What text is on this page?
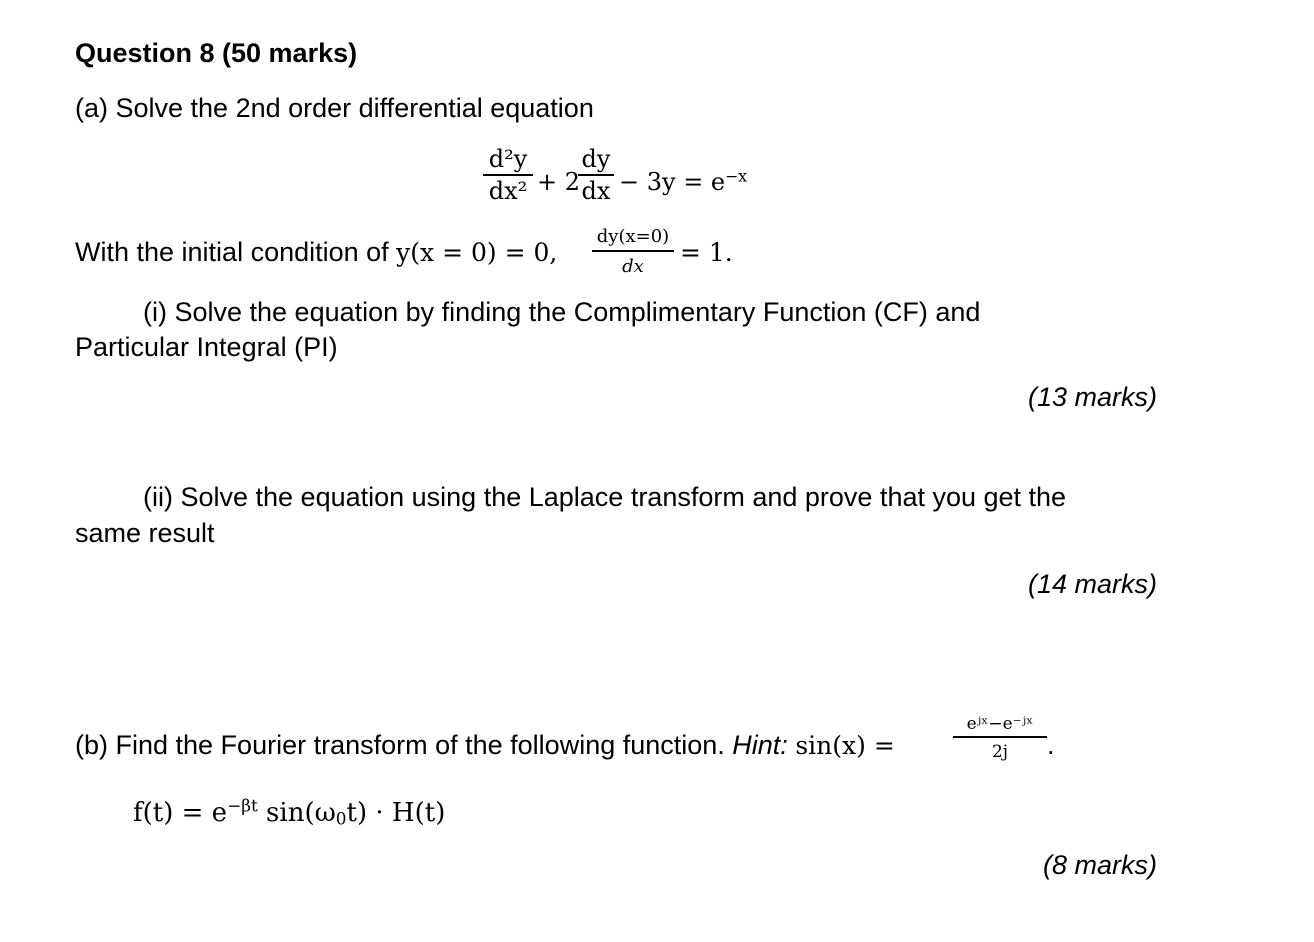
Question 8 (50 marks)
(a) Solve the 2nd order differential equation
d²y
dx² + 2
dy
dx − $3y = e^{-x}$
With the initial condition of y(x = 0) = 0,
dy(x=0)
dx	= 1.
(i) Solve the equation by finding the Complimentary Function (CF) and
Particular Integral (PI)
(13 marks)
(ii) Solve the equation using the Laplace transform and prove that you get the
same result
(14 marks)
(b) Find the Fourier transform of the following function. Hint: sin(x) =
eʲˣ−e⁻ʲˣ
2j	.
$f(t) = e^{-\beta t}$ $\sin(\omega_0t) \cdot H(t)$
(8 marks)
